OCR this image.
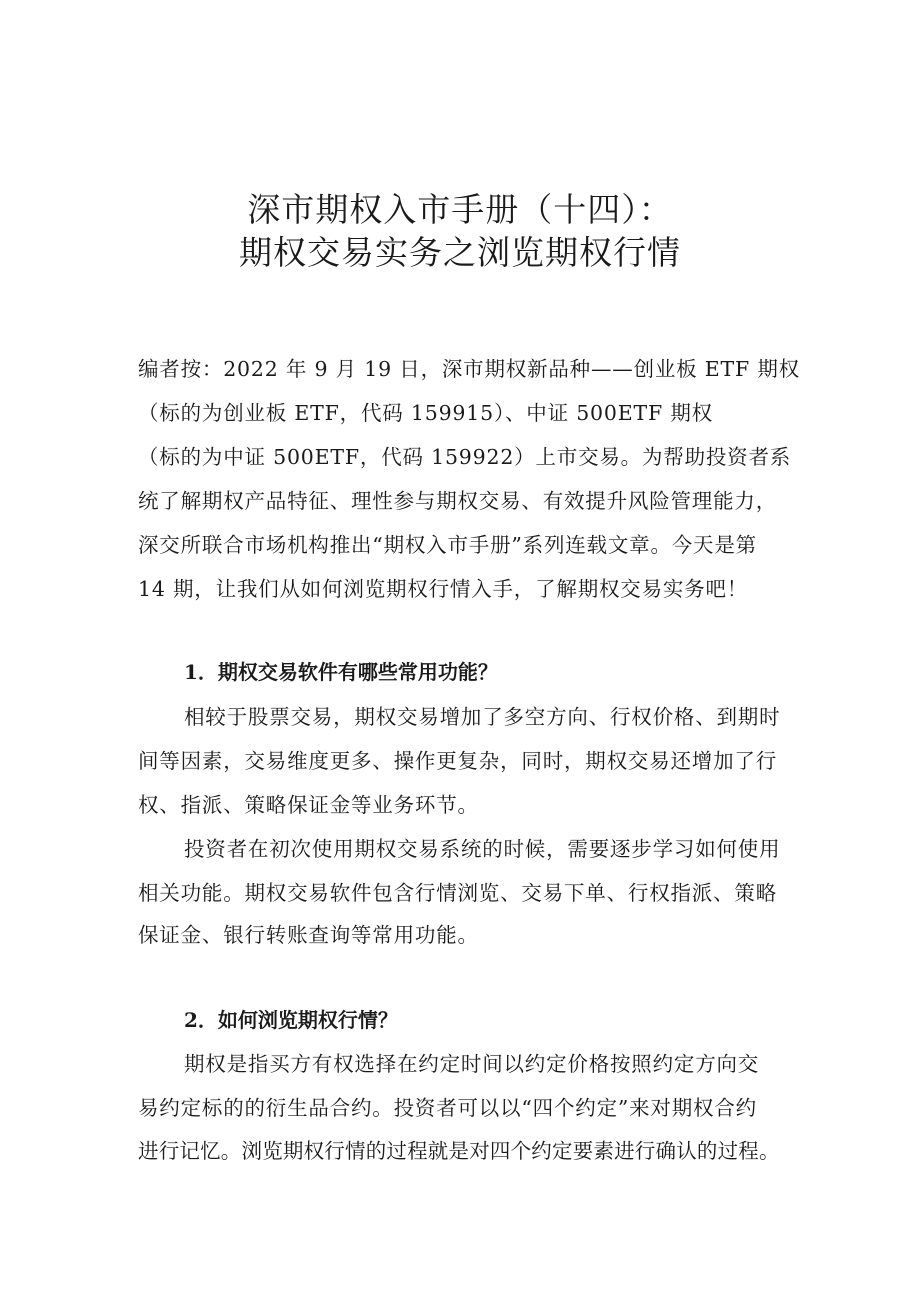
深市期权入市手册（十四）：
期权交易实务之浏览期权行情

编者按：2022 年 9 月 19 日，深市期权新品种——创业板 ETF 期权

（标的为创业板 ETF，代码 159915）、中证 500ETF 期权

（标的为中证 500ETF，代码 159922）上市交易。为帮助投资者系

统了解期权产品特征、理性参与期权交易、有效提升风险管理能力，

深交所联合市场机构推出“期权入市手册”系列连载文章。今天是第

14 期，让我们从如何浏览期权行情入手，了解期权交易实务吧！

1．期权交易软件有哪些常用功能？

相较于股票交易，期权交易增加了多空方向、行权价格、到期时

间等因素，交易维度更多、操作更复杂，同时，期权交易还增加了行

权、指派、策略保证金等业务环节。

投资者在初次使用期权交易系统的时候，需要逐步学习如何使用

相关功能。期权交易软件包含行情浏览、交易下单、行权指派、策略

保证金、银行转账查询等常用功能。

2．如何浏览期权行情？

期权是指买方有权选择在约定时间以约定价格按照约定方向交

易约定标的的衍生品合约。投资者可以以“四个约定”来对期权合约

进行记忆。浏览期权行情的过程就是对四个约定要素进行确认的过程。
